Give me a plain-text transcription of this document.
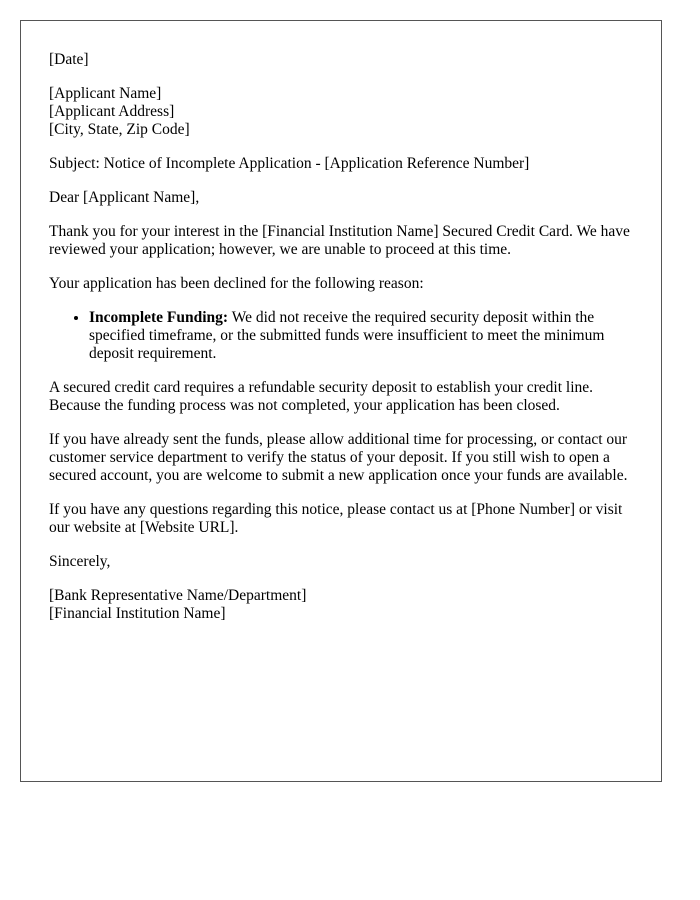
[Date]

[Applicant Name]
[Applicant Address]
[City, State, Zip Code]

Subject: Notice of Incomplete Application - [Application Reference Number]

Dear [Applicant Name],

Thank you for your interest in the [Financial Institution Name] Secured Credit Card. We have reviewed your application; however, we are unable to proceed at this time.

Your application has been declined for the following reason:

• Incomplete Funding: We did not receive the required security deposit within the specified timeframe, or the submitted funds were insufficient to meet the minimum deposit requirement.

A secured credit card requires a refundable security deposit to establish your credit line. Because the funding process was not completed, your application has been closed.

If you have already sent the funds, please allow additional time for processing, or contact our customer service department to verify the status of your deposit. If you still wish to open a secured account, you are welcome to submit a new application once your funds are available.

If you have any questions regarding this notice, please contact us at [Phone Number] or visit our website at [Website URL].

Sincerely,

[Bank Representative Name/Department]
[Financial Institution Name]
